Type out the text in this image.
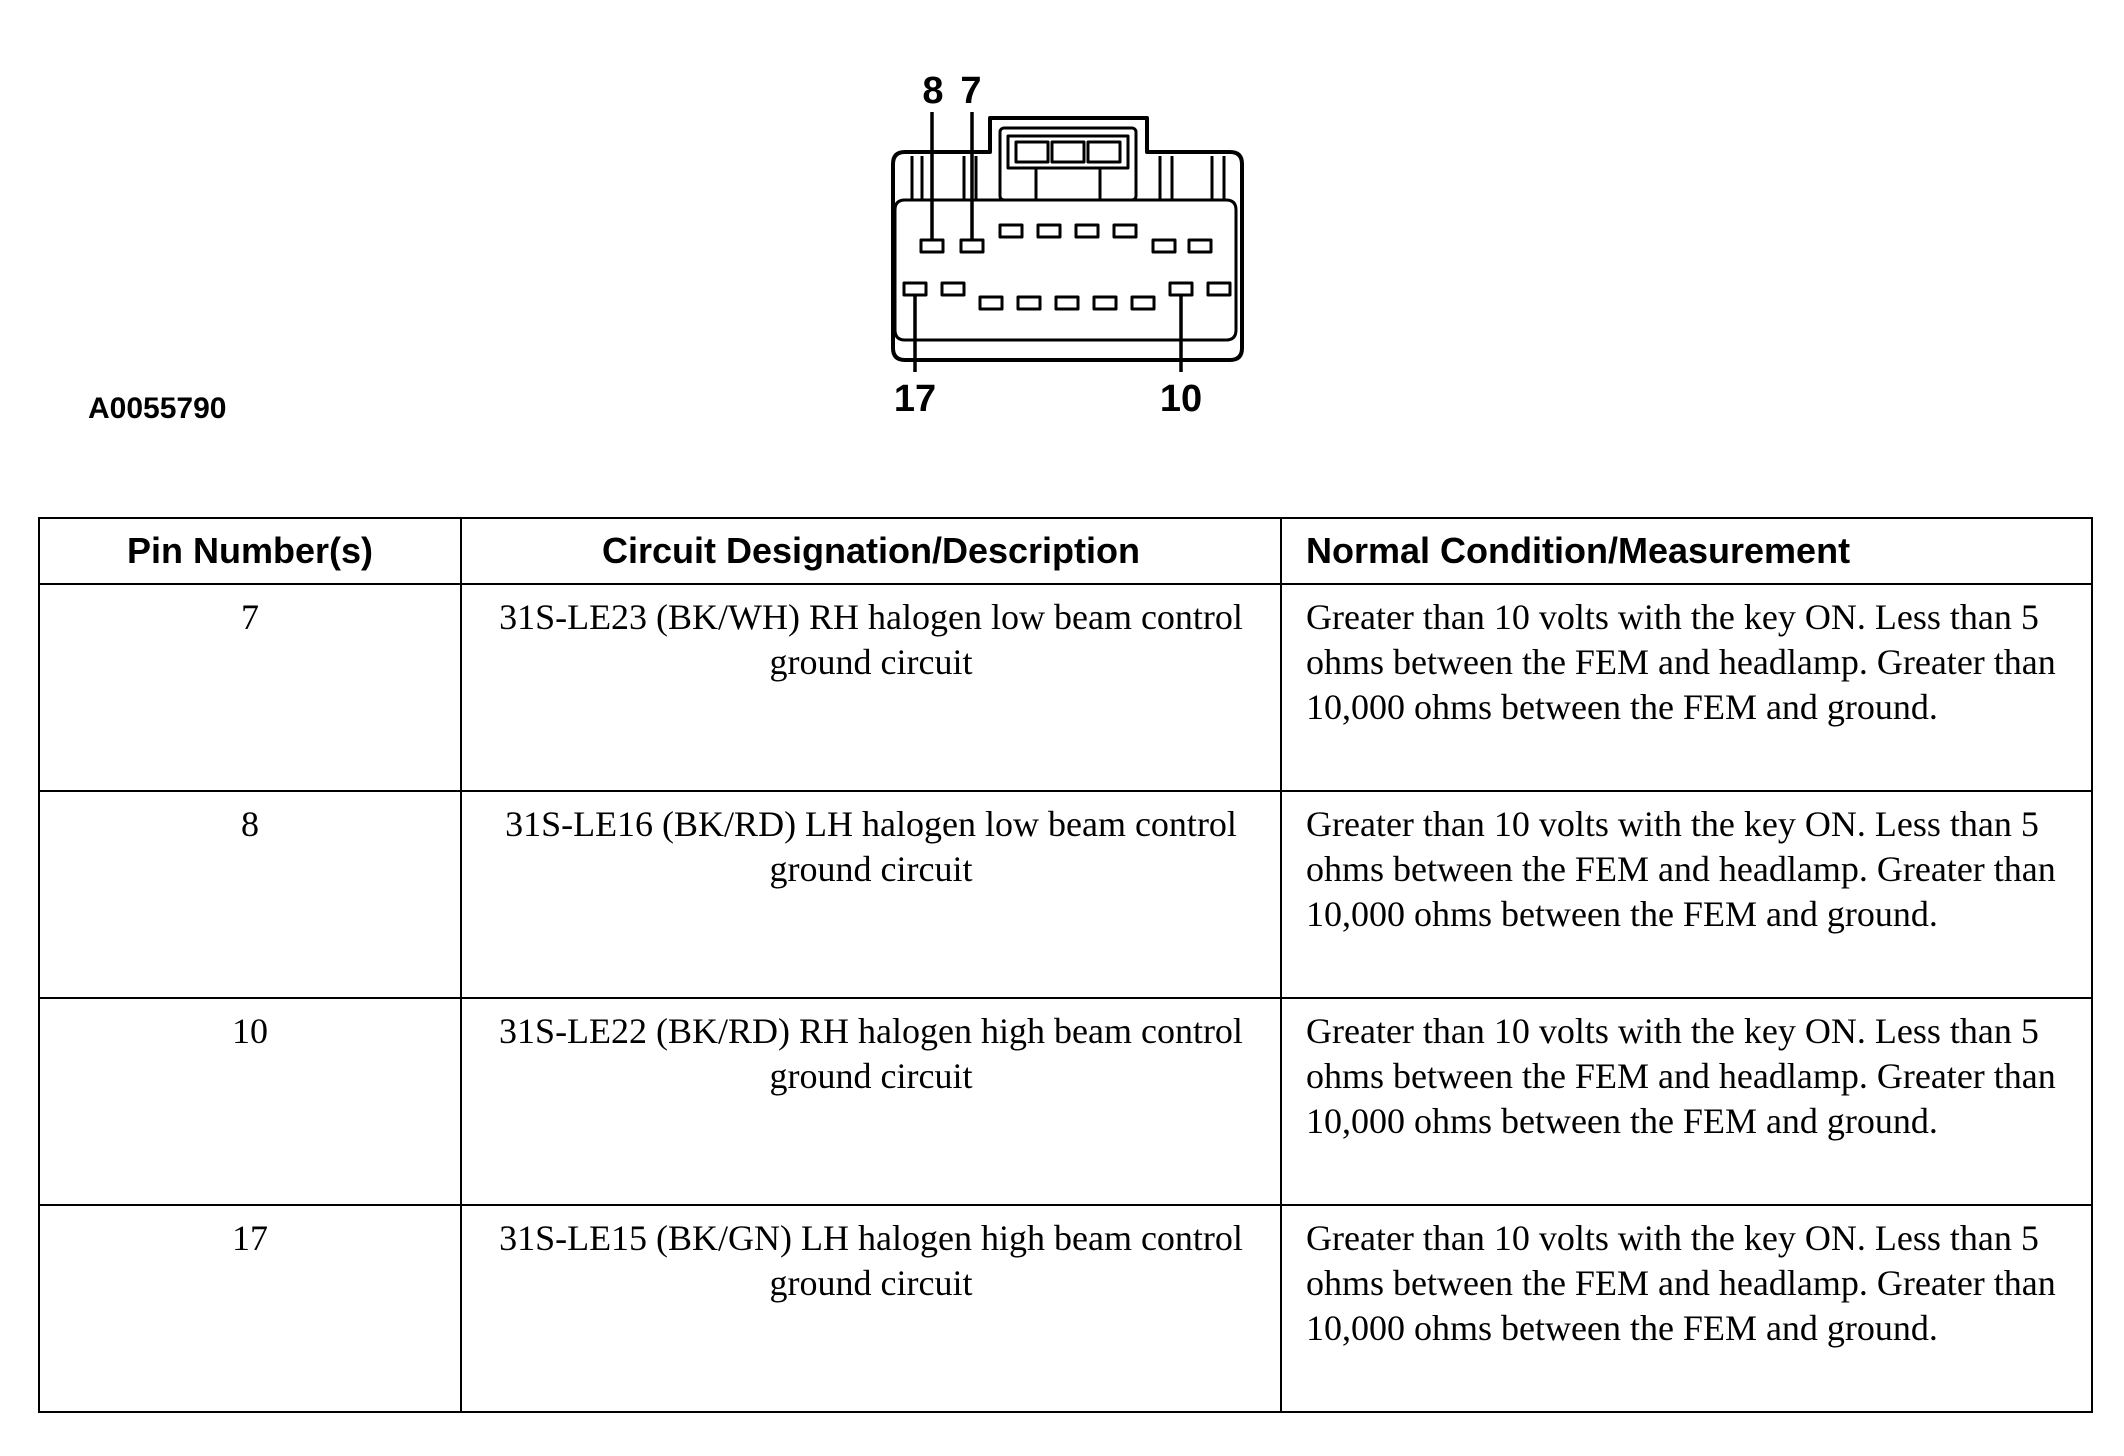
8 7
17	10
A0055790
Pin Number(s)	Circuit Designation/Description	Normal Condition/Measurement
7	31S-LE23 (BK/WH) RH halogen low beam control ground circuit	Greater than 10 volts with the key ON. Less than 5 ohms between the FEM and headlamp. Greater than 10,000 ohms between the FEM and ground.
8	31S-LE16 (BK/RD) LH halogen low beam control ground circuit	Greater than 10 volts with the key ON. Less than 5 ohms between the FEM and headlamp. Greater than 10,000 ohms between the FEM and ground.
10	31S-LE22 (BK/RD) RH halogen high beam control ground circuit	Greater than 10 volts with the key ON. Less than 5 ohms between the FEM and headlamp. Greater than 10,000 ohms between the FEM and ground.
17	31S-LE15 (BK/GN) LH halogen high beam control ground circuit	Greater than 10 volts with the key ON. Less than 5 ohms between the FEM and headlamp. Greater than 10,000 ohms between the FEM and ground.
